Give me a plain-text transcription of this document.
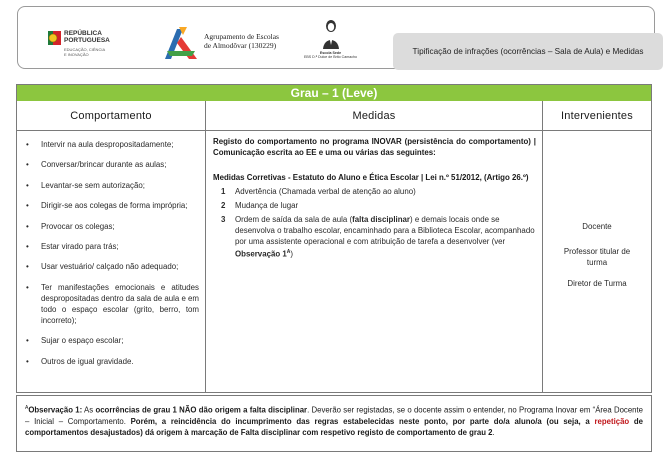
REPÚBLICA
PORTUGUESA
EDUCAÇÃO, CIÊNCIA
E INOVAÇÃO
Agrupamento de Escolas
de Almodôvar (130229)
Escola Sede
EBS D.ª Dulce de Brito Camacho
Tipificação de infrações (ocorrências – Sala de Aula) e Medidas
Grau – 1 (Leve)
Comportamento	Medidas	Intervenientes
• Intervir na aula despropositadamente;
• Conversar/brincar durante as aulas;
• Levantar-se sem autorização;
• Dirigir-se aos colegas de forma imprópria;
• Provocar os colegas;
• Estar virado para trás;
• Usar vestuário/ calçado não adequado;
• Ter manifestações emocionais e atitudes despropositadas dentro da sala de aula e em todo o espaço escolar (grito, berro, tom incorreto);
• Sujar o espaço escolar;
• Outros de igual gravidade.
Registo do comportamento no programa INOVAR (persistência do comportamento) | Comunicação escrita ao EE e uma ou várias das seguintes:
Medidas Corretivas - Estatuto do Aluno e Ética Escolar | Lei n.º 51/2012, (Artigo 26.º)
1 Advertência (Chamada verbal de atenção ao aluno)
2 Mudança de lugar
3 Ordem de saída da sala de aula (falta disciplinar) e demais locais onde se desenvolva o trabalho escolar, encaminhado para a Biblioteca Escolar, acompanhado por uma assistente operacional e com atribuição de tarefa a desenvolver (ver Observação $1^A$)
Docente
Professor titular de turma
Diretor de Turma
$^A$Observação 1: As ocorrências de grau 1 NÃO dão origem a falta disciplinar. Deverão ser registadas, se o docente assim o entender, no Programa Inovar em “Área Docente – Inicial – Comportamento. Porém, a reincidência do incumprimento das regras estabelecidas neste ponto, por parte do/a aluno/a (ou seja, a repetição de comportamentos desajustados) dá origem à marcação de Falta disciplinar com respetivo registo de comportamento de grau 2.
